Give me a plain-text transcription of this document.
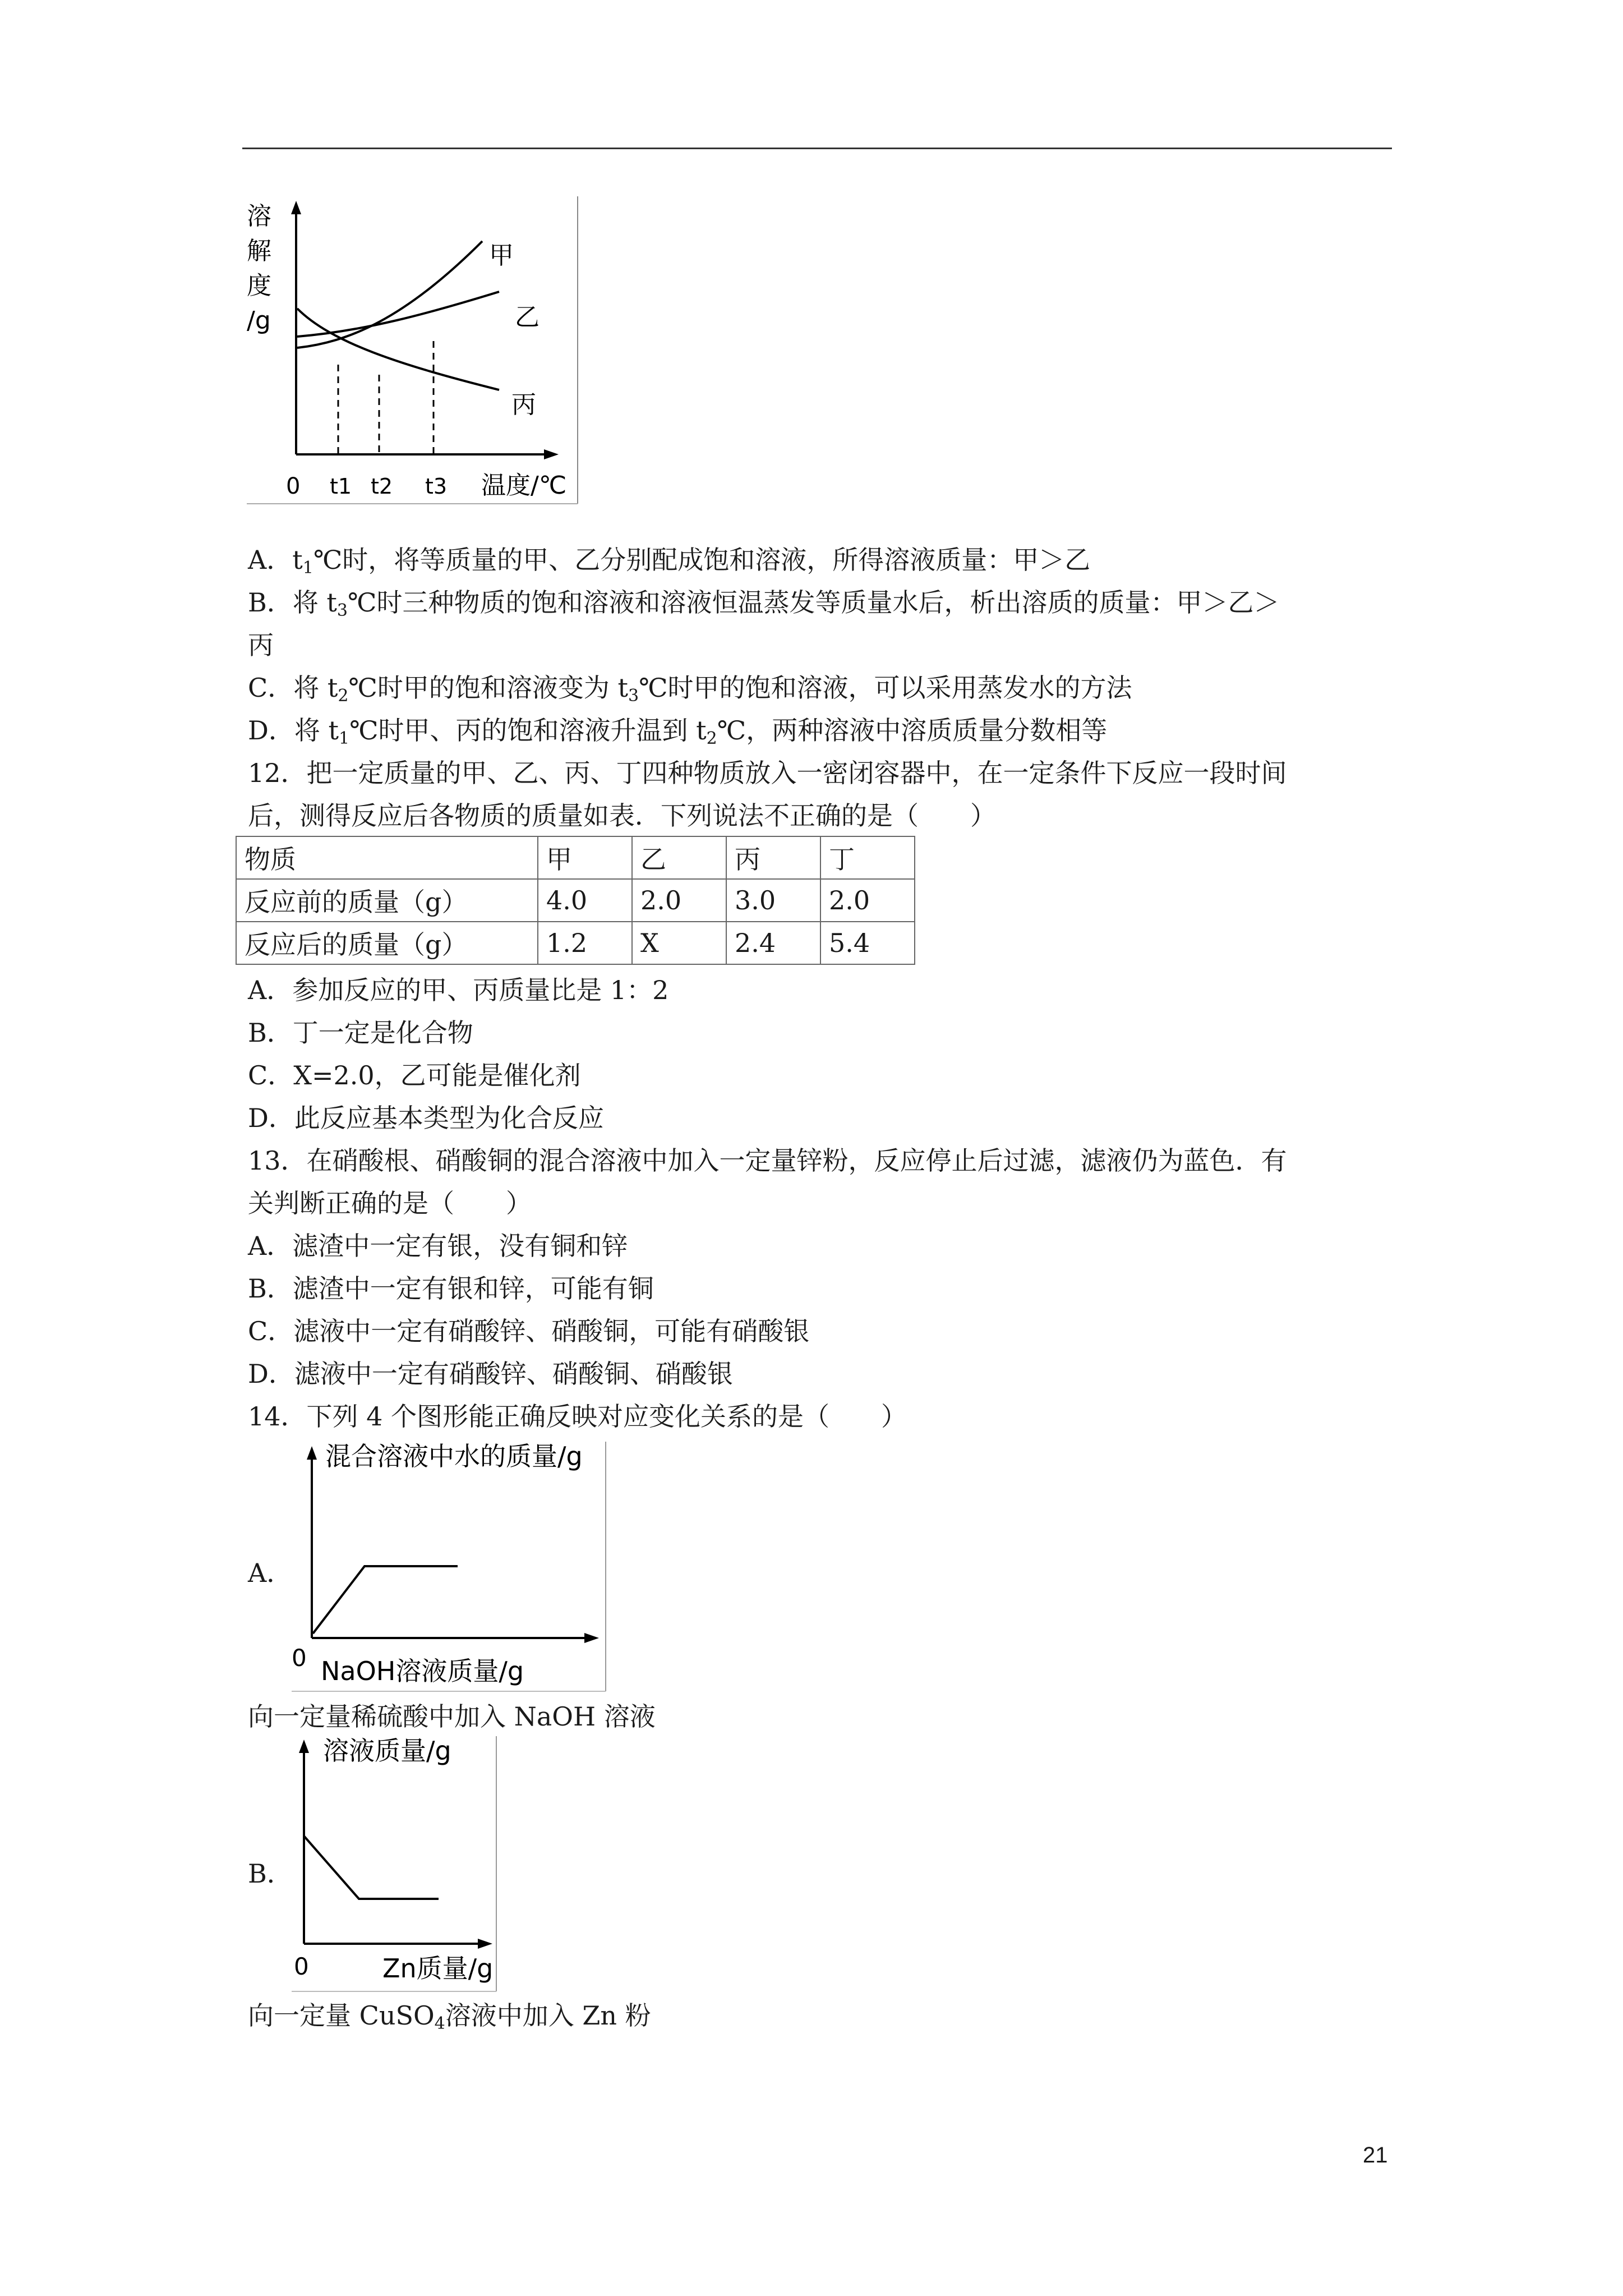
溶
解
度
/g
甲
乙
丙
0 t1 t2 t3 温度/℃
A．$t_1℃$时，将等质量的甲、乙分别配成饱和溶液，所得溶液质量：甲＞乙
B．将 $t_3℃$时三种物质的饱和溶液和溶液恒温蒸发等质量水后，析出溶质的质量：甲＞乙＞
丙
C．将 $t_2℃$时甲的饱和溶液变为 $t_3℃$时甲的饱和溶液，可以采用蒸发水的方法
D．将 $t_1℃$时甲、丙的饱和溶液升温到 $t_2℃$，两种溶液中溶质质量分数相等
12．把一定质量的甲、乙、丙、丁四种物质放入一密闭容器中，在一定条件下反应一段时间
后，测得反应后各物质的质量如表．下列说法不正确的是（　　）
物质	甲	乙	丙	丁
反应前的质量（g）	4.0	2.0	3.0	2.0
反应后的质量（g）	1.2	X	2.4	5.4
A．参加反应的甲、丙质量比是 1：2
B．丁一定是化合物
C．X=2.0，乙可能是催化剂
D．此反应基本类型为化合反应
13．在硝酸根、硝酸铜的混合溶液中加入一定量锌粉，反应停止后过滤，滤液仍为蓝色．有
关判断正确的是（　　）
A．滤渣中一定有银，没有铜和锌
B．滤渣中一定有银和锌，可能有铜
C．滤液中一定有硝酸锌、硝酸铜，可能有硝酸银
D．滤液中一定有硝酸锌、硝酸铜、硝酸银
14．下列 4 个图形能正确反映对应变化关系的是（　　）
A．
混合溶液中水的质量/g
0 NaOH溶液质量/g
向一定量稀硫酸中加入 NaOH 溶液
B．
溶液质量/g
0	Zn质量/g
向一定量 CuSO$_4$溶液中加入 Zn 粉
21
